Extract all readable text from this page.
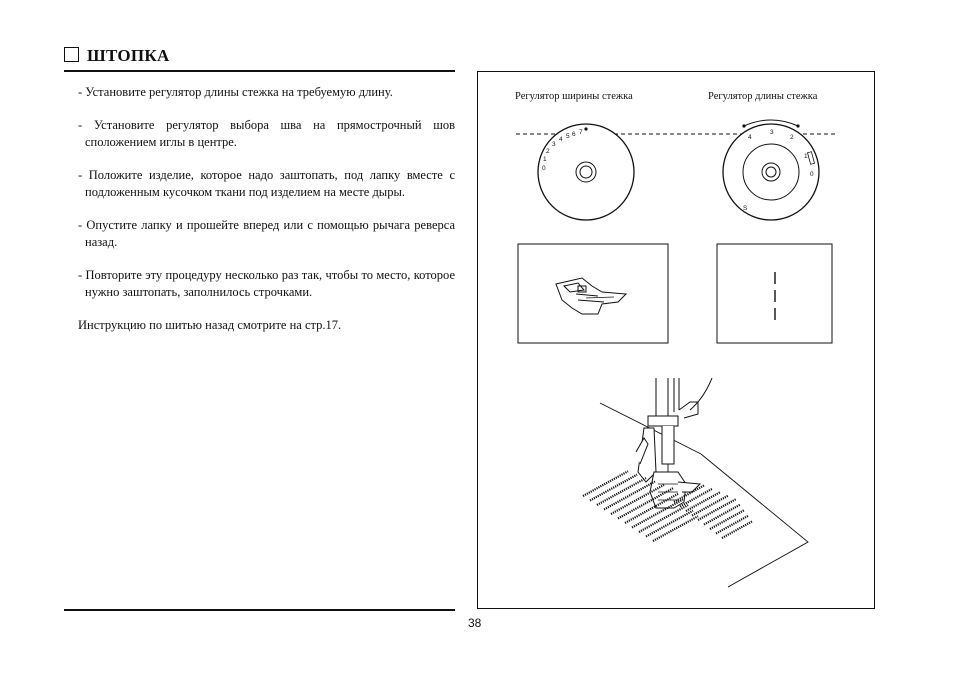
ШТОПКА

- Установите регулятор длины стежка на требуемую длину.

- Установите регулятор выбора шва на прямострочный шов сположением иглы в центре.

- Положите изделие, которое надо заштопать, под лапку вместе с подложенным кусочком ткани под изделием на месте дыры.

- Опустите лапку и прошейте вперед или с помощью рычага реверса назад.

- Повторите эту процедуру несколько раз так, чтобы то место, которое нужно заштопать, заполнилось строчками.

Инструкцию по шитью назад смотрите на стр.17.

38
Регулятор ширины стежка	Регулятор длины стежка
7
6
5
4
3
2
1
0
4
3
2
1
0
S
